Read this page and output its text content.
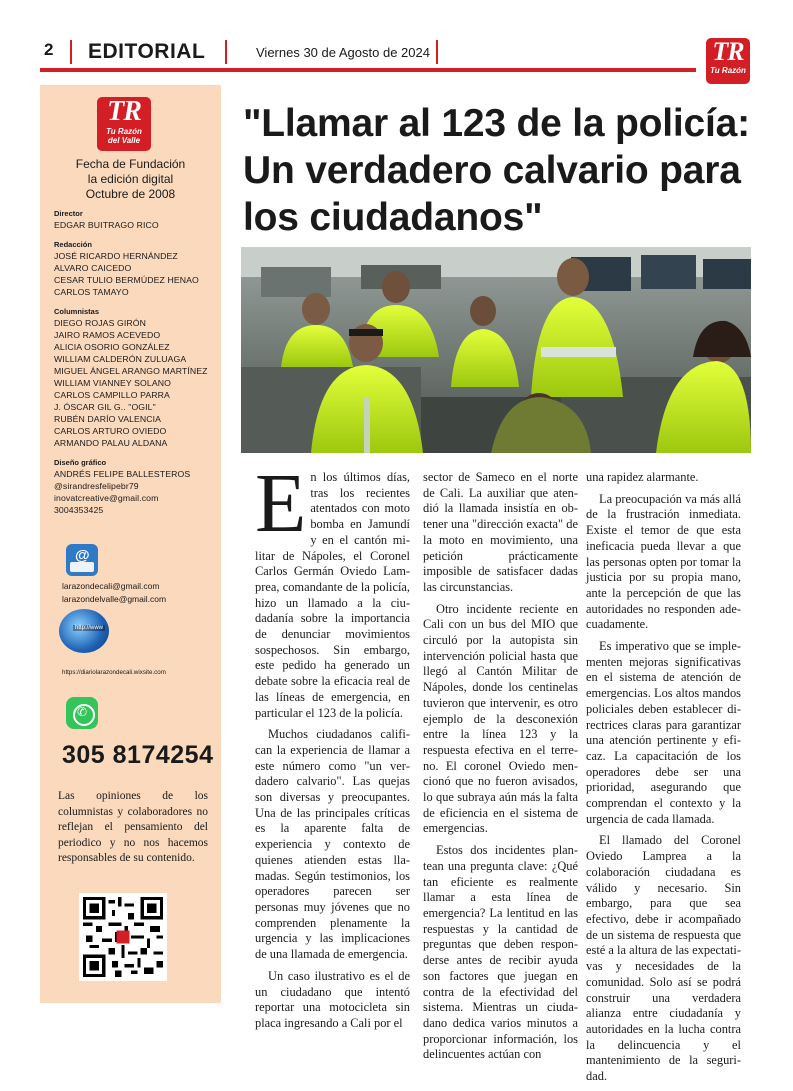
2 EDITORIAL	Viernes 30 de Agosto de 2024	TR
Tu Razón
TR
Tu Razón
del Valle
Fecha de Fundación
la edición digital
Octubre de 2008
Director
EDGAR BUITRAGO RICO
Redacción
JOSÉ RICARDO HERNÁNDEZ
ALVARO CAICEDO
CESAR TULIO BERMÚDEZ HENAO
CARLOS TAMAYO
Columnistas
DIEGO ROJAS GIRÓN
JAIRO RAMOS ACEVEDO
ALICIA OSORIO GONZÁLEZ
WILLIAM CALDERÓN ZULUAGA
MIGUEL ÁNGEL ARANGO MARTÍNEZ
WILLIAM VIANNEY SOLANO
CARLOS CAMPILLO PARRA
J. ÓSCAR GIL G.. "OGIL"
RUBÉN DARÍO VALENCIA
CARLOS ARTURO OVIEDO
ARMANDO PALAU ALDANA
Diseño gráfico
ANDRÉS FELIPE BALLESTEROS
@sirandresfelipebr79
inovatcreative@gmail.com
3004353425
@
larazondecali@gmail.com
larazondelvalle@gmail.com
http://www
https://diariolarazondecali.wixsite.com
✆
305 8174254
Las opiniones de los columnistas y colaboradores no reflejan el pensamiento del periodico y no nos hacemos responsables de su contenido.
"Llamar al 123 de la policía: Un verdadero calvario para los ciudadanos"

En los últimos días, tras los recientes atentados con moto bomba en Jamundí y en el cantón militar de Nápoles, el Coronel Carlos Germán Oviedo Lamprea, comandante de la policía, hizo un llamado a la ciudadanía sobre la importancia de denunciar movimientos sospechosos. Sin embargo, este pedido ha generado un debate sobre la eficacia real de las líneas de emergencia, en particular el 123 de la policía.

Muchos ciudadanos califican la experiencia de llamar a este número como "un verdadero calvario". Las quejas son diversas y preocupantes. Una de las principales críticas es la aparente falta de experiencia y contexto de quienes atienden estas llamadas. Según testimonios, los operadores parecen ser personas muy jóvenes que no comprenden plenamente la urgencia y las implicaciones de una llamada de emergencia.

Un caso ilustrativo es el de un ciudadano que intentó reportar una motocicleta sin placa ingresando a Cali por el

sector de Sameco en el norte de Cali. La auxiliar que atendió la llamada insistía en obtener una "dirección exacta" de la moto en movimiento, una petición prácticamente imposible de satisfacer dadas las circunstancias.

Otro incidente reciente en Cali con un bus del MIO que circuló por la autopista sin intervención policial hasta que llegó al Cantón Militar de Nápoles, donde los centinelas tuvieron que intervenir, es otro ejemplo de la desconexión entre la línea 123 y la respuesta efectiva en el terreno. El coronel Oviedo mencionó que no fueron avisados, lo que subraya aún más la falta de eficiencia en el sistema de emergencias.

Estos dos incidentes plantean una pregunta clave: ¿Qué tan eficiente es realmente llamar a esta línea de emergencia? La lentitud en las respuestas y la cantidad de preguntas que deben responderse antes de recibir ayuda son factores que juegan en contra de la efectividad del sistema. Mientras un ciudadano dedica varios minutos a proporcionar información, los delincuentes actúan con

una rapidez alarmante.

La preocupación va más allá de la frustración inmediata. Existe el temor de que esta ineficacia pueda llevar a que las personas opten por tomar la justicia por su propia mano, ante la percepción de que las autoridades no responden adecuadamente.

Es imperativo que se implementen mejoras significativas en el sistema de atención de emergencias. Los altos mandos policiales deben establecer directrices claras para garantizar una atención pertinente y eficaz. La capacitación de los operadores debe ser una prioridad, asegurando que comprendan el contexto y la urgencia de cada llamada.

El llamado del Coronel Oviedo Lamprea a la colaboración ciudadana es válido y necesario. Sin embargo, para que sea efectivo, debe ir acompañado de un sistema de respuesta que esté a la altura de las expectativas y necesidades de la comunidad. Solo así se podrá construir una verdadera alianza entre ciudadanía y autoridades en la lucha contra la delincuencia y el mantenimiento de la seguridad.
